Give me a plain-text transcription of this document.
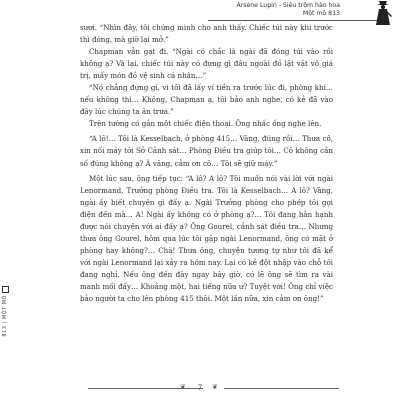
Arsène Lupin - Siêu trộm hào hoa
Một mô 813
813 | MỘT MÔ

sươi. “Nhìn đây, tôi chứng minh cho anh thấy. Chiếc túi này khi trước thì đóng, mà giờ lại mở.”

Chapman vẫn gạt đi. “Ngài có chắc là ngài đã đóng túi vào rồi không ạ? Và lại, chiếc túi này có đựng gì đâu ngoài đồ lặt vặt vô giá trị, mấy món đồ vệ sinh cá nhân…”

“Nó chẳng đựng gì, vì tôi đã lấy ví tiền ra trước lúc đi, phòng khi… nếu không thì… Không, Chapman ạ, tôi bảo anh nghe, có kẻ đã vào đây lúc chúng ta ăn trưa.”

Trên tường có gắn một chiếc điện thoại. Ông nhấc ống nghe lên.

“A lô!… Tôi là Kesselbach, ở phòng 415… Vâng, đúng rồi… Thưa cô, xin nối máy tới Sở Cảnh sát… Phòng Điều tra giúp tôi… Cô không cần số đúng không ạ? À vâng, cảm ơn cô… Tôi sẽ giữ máy.”

Một lúc sau, ông tiếp tục: “A lô? A lô? Tôi muốn nói vài lời với ngài Lenormand, Trưởng phòng Điều tra. Tôi là Kesselbach… A lô? Vâng, ngài ấy biết chuyện gì đấy ạ. Ngài Trưởng phòng cho phép tôi gọi điện đến mà… A! Ngài ấy không có ở phòng ạ?… Tôi đang hân hạnh được nói chuyện với ai đấy ạ? Ông Gourel, cảnh sát điều tra… Nhưng thưa ông Gourel, hôm qua lúc tôi gặp ngài Lenormand, ông có mặt ở phòng hay không?… Chà! Thưa ông, chuyện tương tự như tôi đã kể với ngài Lenormand lại xảy ra hôm nay. Lại có kẻ đột nhập vào chỗ tôi đang nghỉ. Nếu ông đến đây ngay bây giờ, có lẽ ông sẽ tìm ra vài manh mối đấy… Khoảng một, hai tiếng nữa ư? Tuyệt vời! Ông chỉ việc bảo người ta cho lên phòng 415 thôi. Một lần nữa, xin cảm ơn ông!”

❦	7	❦
